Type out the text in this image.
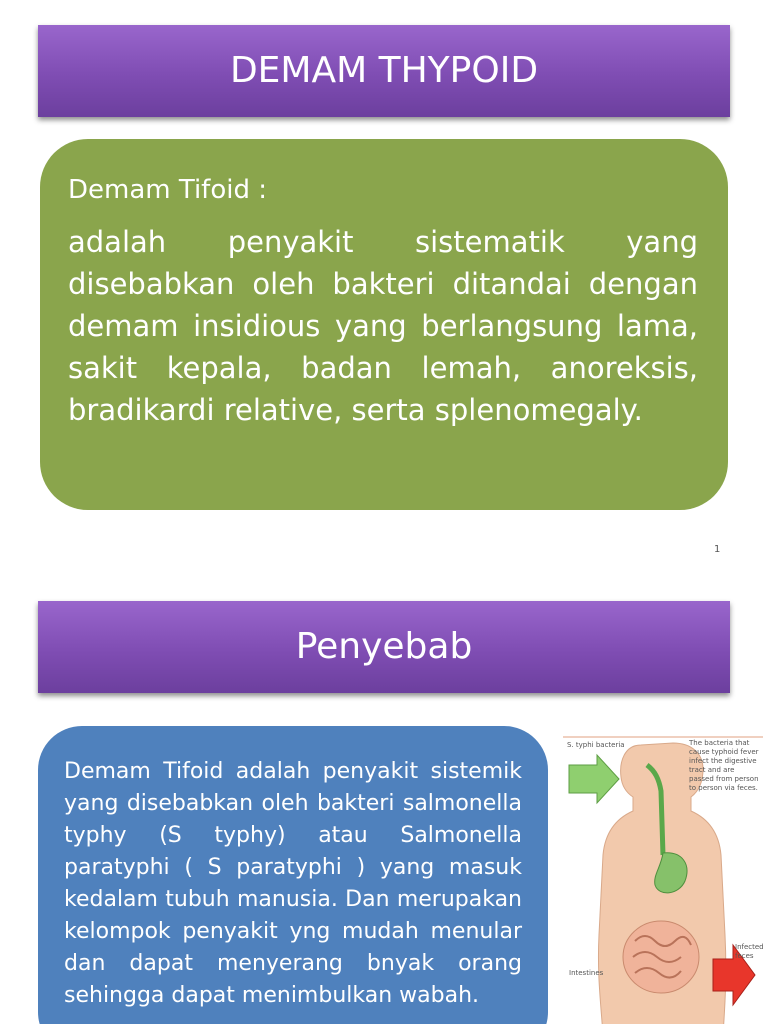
DEMAM THYPOID

Demam Tifoid :

adalah penyakit sistematik yang disebabkan oleh bakteri ditandai dengan demam insidious yang berlangsung lama, sakit kepala, badan lemah, anoreksis, bradikardi relative, serta splenomegaly.

1
Penyebab

Demam Tifoid adalah penyakit sistemik yang disebabkan oleh bakteri salmonella typhy (S typhy) atau Salmonella paratyphi ( S paratyphi ) yang masuk kedalam tubuh manusia. Dan merupakan kelompok penyakit yng mudah menular dan dapat menyerang bnyak orang sehingga dapat menimbulkan wabah.

S. typhi bacteria	The bacteria that cause typhoid fever infect the digestive tract and are passed from person to person via feces.
Intestines
Infected feces
